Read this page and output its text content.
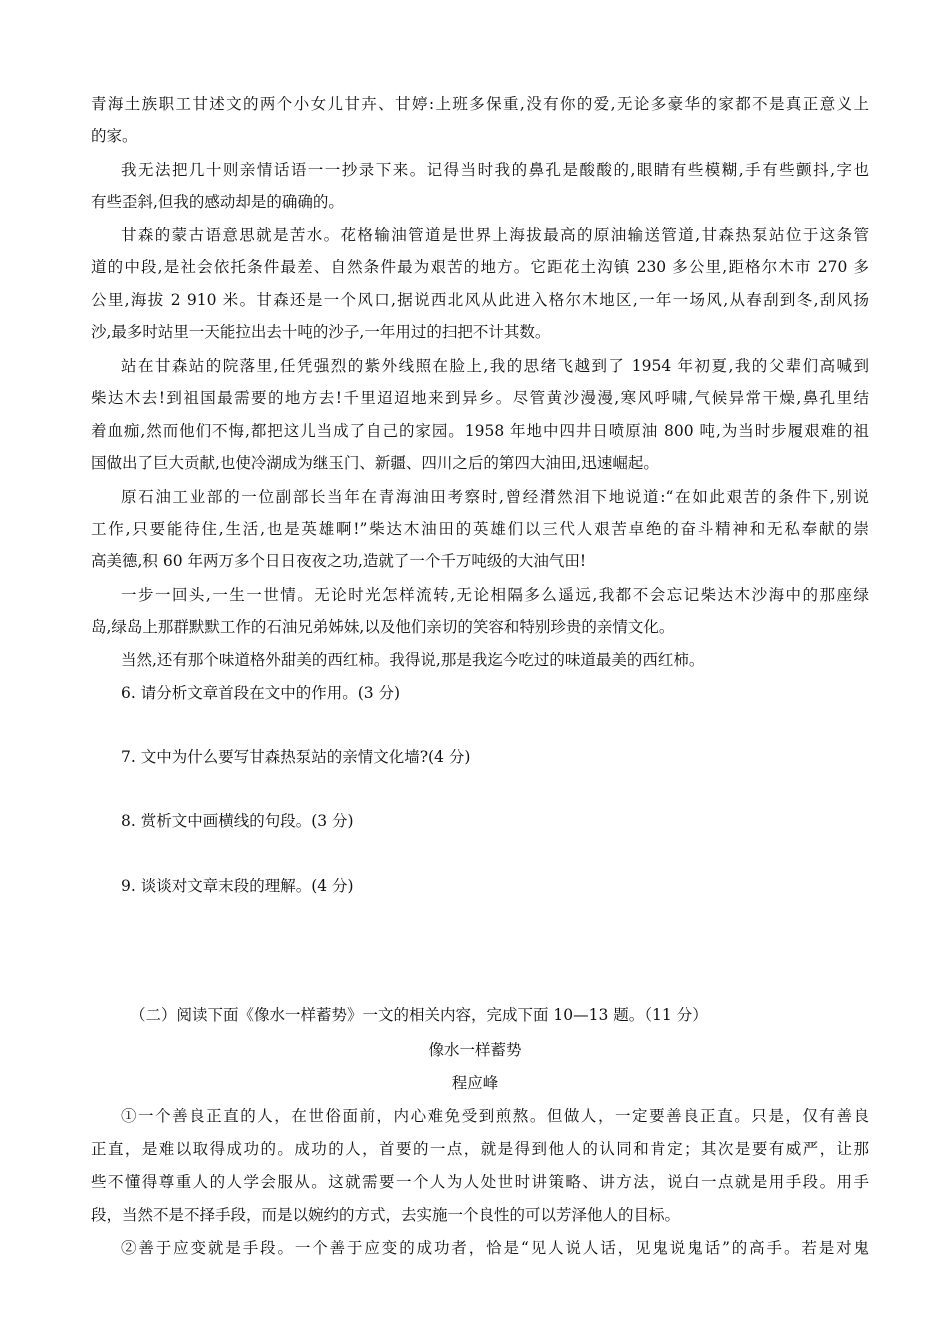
青海土族职工甘述文的两个小女儿甘卉、甘婷:上班多保重,没有你的爱,无论多豪华的家都不是真正意义上
的家。
我无法把几十则亲情话语一一抄录下来。记得当时我的鼻孔是酸酸的,眼睛有些模糊,手有些颤抖,字也
有些歪斜,但我的感动却是的确确的。
甘森的蒙古语意思就是苦水。花格输油管道是世界上海拔最高的原油输送管道,甘森热泵站位于这条管
道的中段,是社会依托条件最差、自然条件最为艰苦的地方。它距花土沟镇 230 多公里,距格尔木市 270 多
公里,海拔 2 910 米。甘森还是一个风口,据说西北风从此进入格尔木地区,一年一场风,从春刮到冬,刮风扬
沙,最多时站里一天能拉出去十吨的沙子,一年用过的扫把不计其数。
站在甘森站的院落里,任凭强烈的紫外线照在脸上,我的思绪飞越到了 1954 年初夏,我的父辈们高喊到
柴达木去!到祖国最需要的地方去!千里迢迢地来到异乡。尽管黄沙漫漫,寒风呼啸,气候异常干燥,鼻孔里结
着血痂,然而他们不悔,都把这儿当成了自己的家园。1958 年地中四井日喷原油 800 吨,为当时步履艰难的祖
国做出了巨大贡献,也使冷湖成为继玉门、新疆、四川之后的第四大油田,迅速崛起。
原石油工业部的一位副部长当年在青海油田考察时,曾经潸然泪下地说道:“在如此艰苦的条件下,别说
工作,只要能待住,生活,也是英雄啊!”柴达木油田的英雄们以三代人艰苦卓绝的奋斗精神和无私奉献的崇
高美德,积 60 年两万多个日日夜夜之功,造就了一个千万吨级的大油气田!
一步一回头,一生一世情。无论时光怎样流转,无论相隔多么遥远,我都不会忘记柴达木沙海中的那座绿
岛,绿岛上那群默默工作的石油兄弟姊妹,以及他们亲切的笑容和特别珍贵的亲情文化。
当然,还有那个味道格外甜美的西红柿。我得说,那是我迄今吃过的味道最美的西红柿。
6. 请分析文章首段在文中的作用。(3 分)
7. 文中为什么要写甘森热泵站的亲情文化墙?(4 分)
8. 赏析文中画横线的句段。(3 分)
9. 谈谈对文章末段的理解。(4 分)
（二）阅读下面《像水一样蓄势》一文的相关内容，完成下面 10—13 题。（11 分）
像水一样蓄势
程应峰
①一个善良正直的人，在世俗面前，内心难免受到煎熬。但做人，一定要善良正直。只是，仅有善良
正直，是难以取得成功的。成功的人，首要的一点，就是得到他人的认同和肯定；其次是要有威严，让那
些不懂得尊重人的人学会服从。这就需要一个人为人处世时讲策略、讲方法，说白一点就是用手段。用手
段，当然不是不择手段，而是以婉约的方式，去实施一个良性的可以芳泽他人的目标。
②善于应变就是手段。一个善于应变的成功者，恰是“见人说人话，见鬼说鬼话”的高手。若是对鬼
